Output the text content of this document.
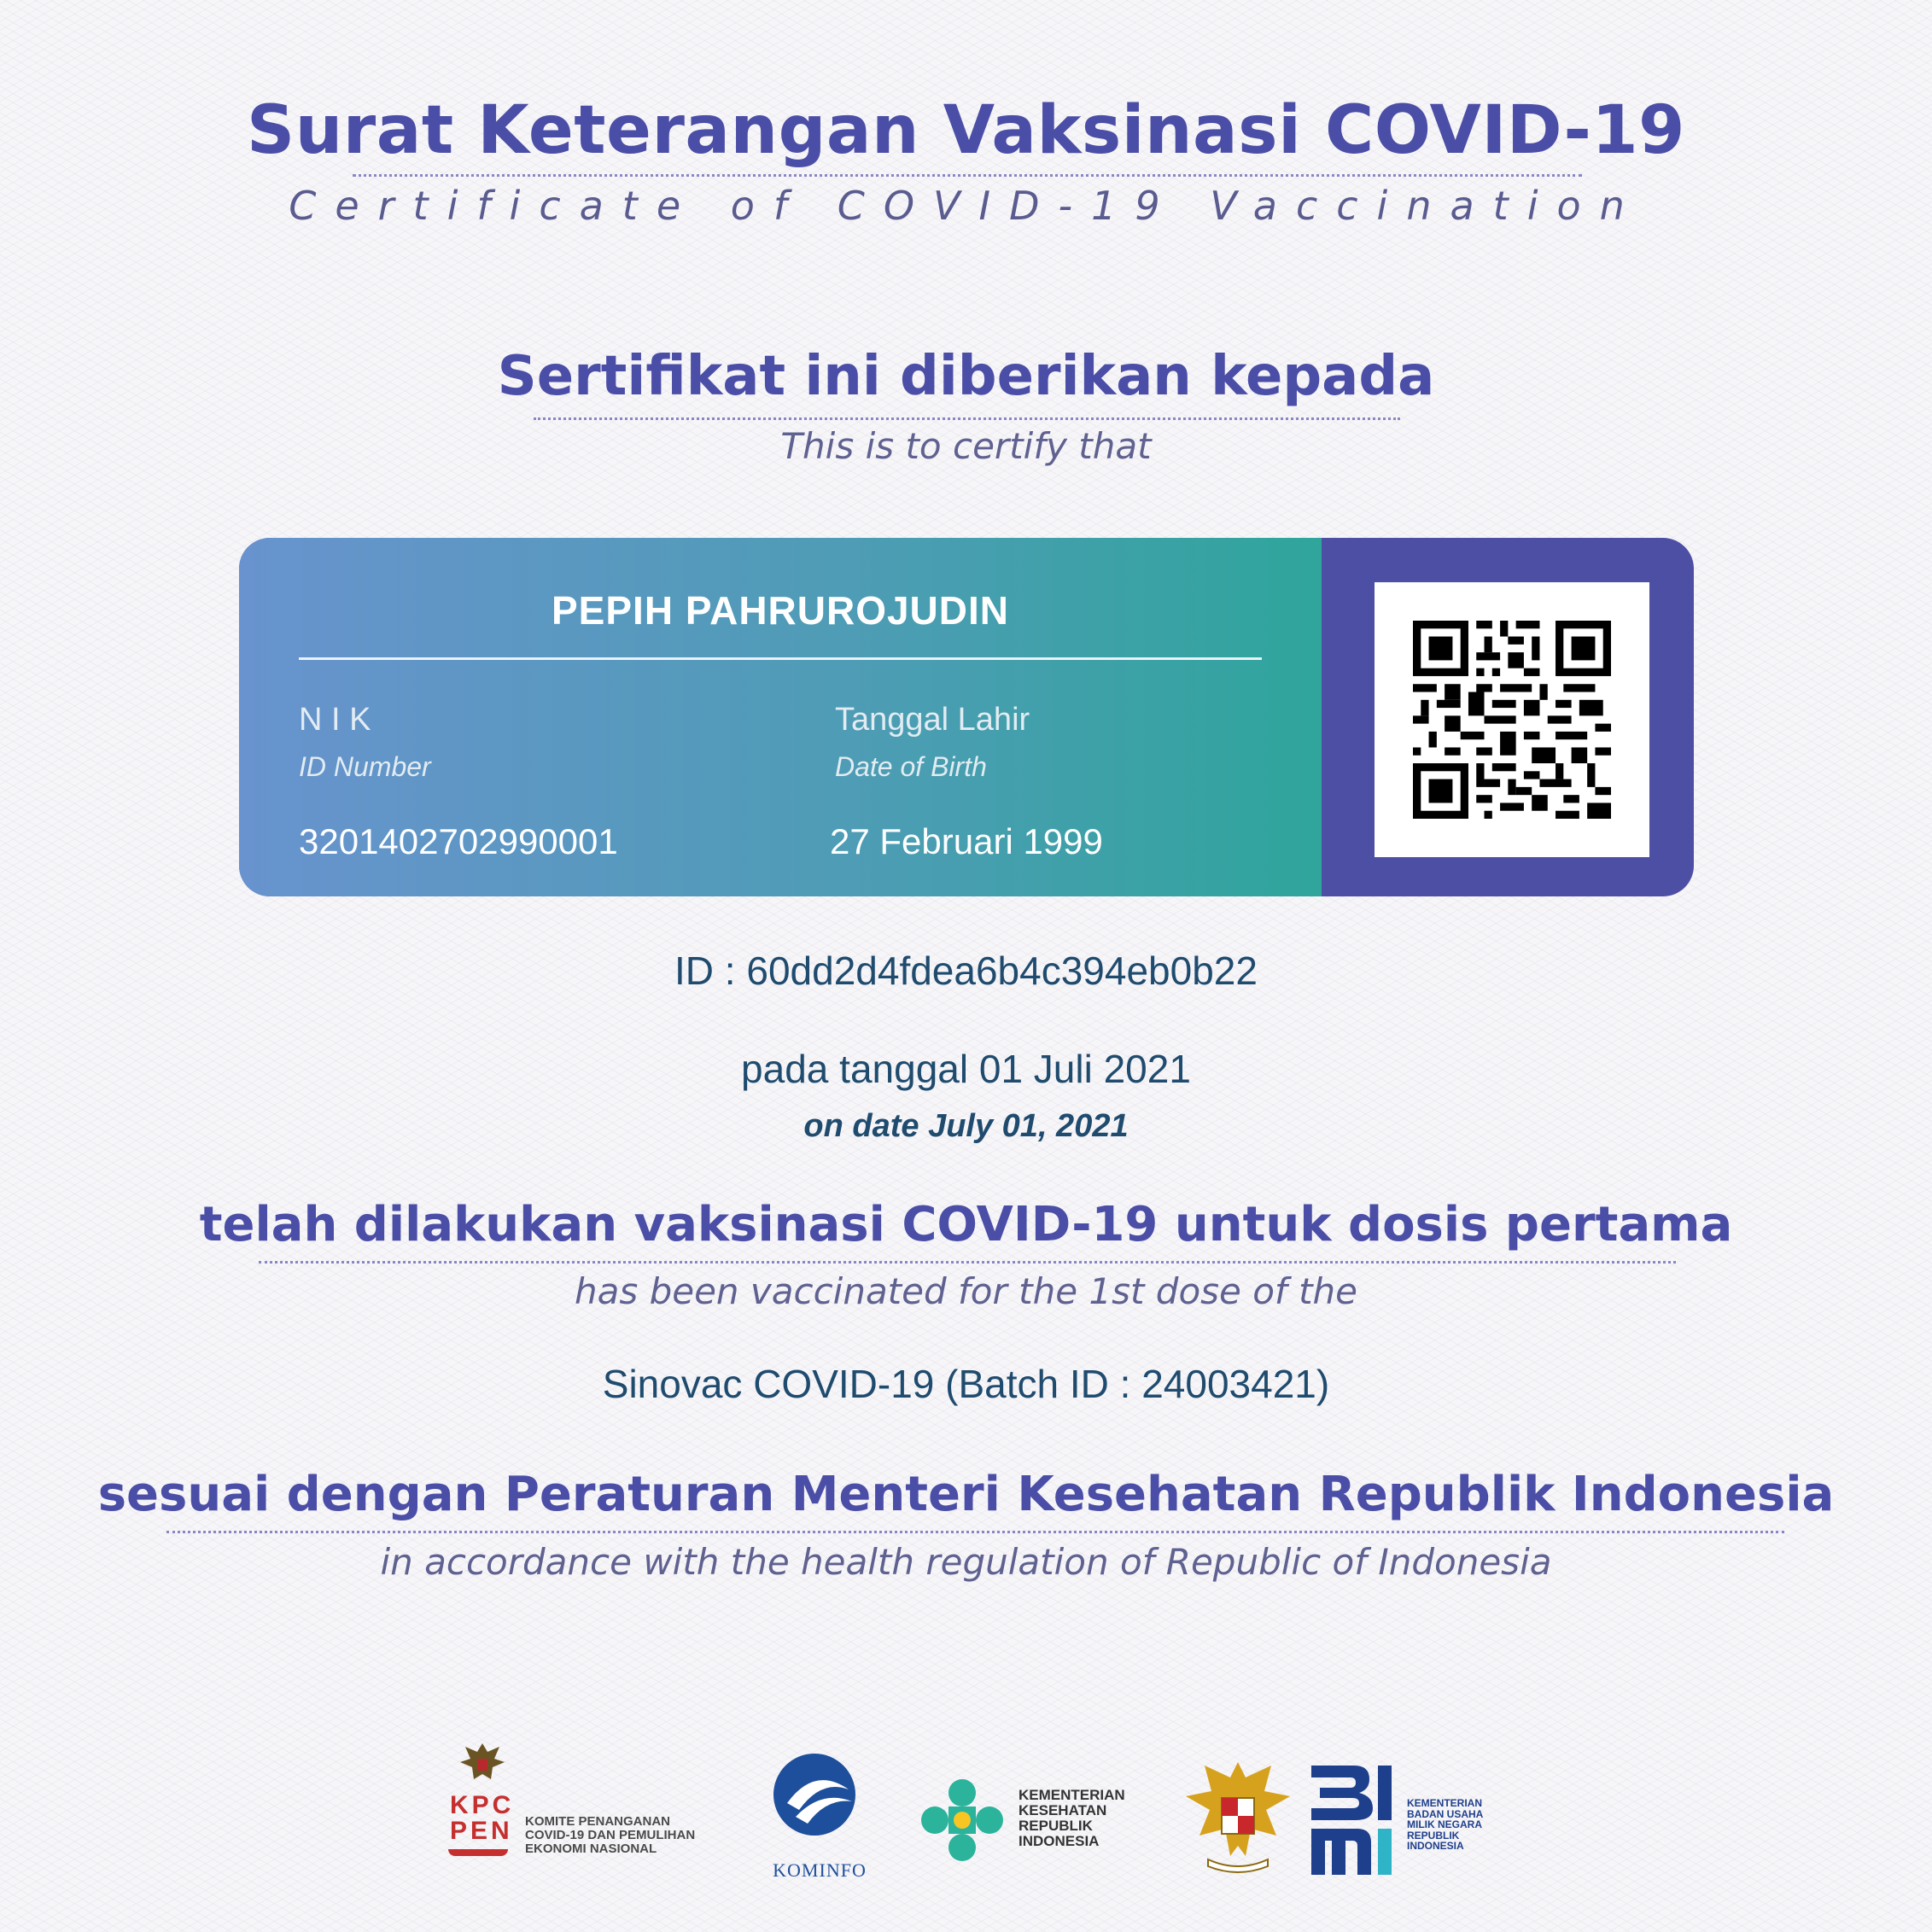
Surat Keterangan Vaksinasi COVID-19
Certificate of COVID-19 Vaccination
Sertifikat ini diberikan kepada
This is to certify that
PEPIH PAHRUROJUDIN
N I K
ID Number
3201402702990001
Tanggal Lahir
Date of Birth
27 Februari 1999
ID : 60dd2d4fdea6b4c394eb0b22
pada tanggal 01 Juli 2021
on date July 01, 2021
telah dilakukan vaksinasi COVID-19 untuk dosis pertama
has been vaccinated for the 1st dose of the
Sinovac COVID-19 (Batch ID : 24003421)
sesuai dengan Peraturan Menteri Kesehatan Republik Indonesia
in accordance with the health regulation of Republic of Indonesia
KPC
PEN KOMITE PENANGANAN
COVID-19 DAN PEMULIHAN
EKONOMI NASIONAL
KOMINFO
KEMENTERIAN
KESEHATAN
REPUBLIK
INDONESIA
KEMENTERIAN
BADAN USAHA
MILIK NEGARA
REPUBLIK
INDONESIA
